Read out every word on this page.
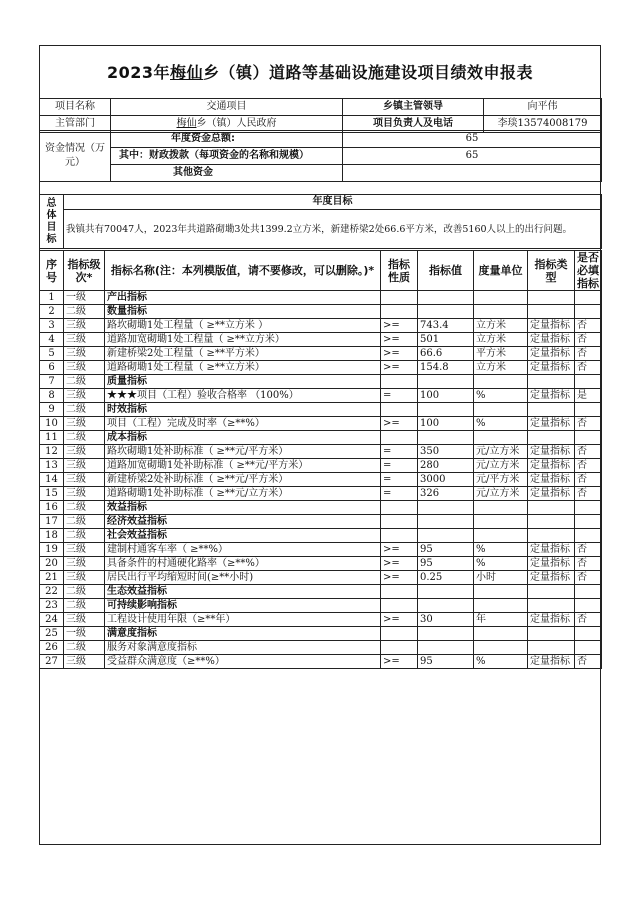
2023年梅仙乡（镇）道路等基础设施建设项目绩效申报表
项目名称	交通项目	乡镇主管领导	向平伟
主管部门	梅仙乡（镇）人民政府	项目负责人及电话	李琰13574008179
资金情况（万元）	年度资金总额:	65
	其中：财政拨款（每项资金的名称和规模）	65
	其他资金	
总体目标	年度目标
我镇共有70047人，2023年共道路砌墈3处共1399.2立方米，新建桥梁2处66.6平方米，改善5160人以上的出行问题。
序号	指标级次*	指标名称(注：本列模版值，请不要修改，可以删除。)*	指标性质	指标值	度量单位	指标类型	是否必填指标
1	一级	产出指标					
2	二级	数量指标					
3	三级	路坎砌墈1处工程量（ ≥**立方米 ）	>=	743.4	立方米	定量指标	否
4	三级	道路加宽砌墈1处工程量（ ≥**立方米）	>=	501	立方米	定量指标	否
5	三级	新建桥梁2处工程量（ ≥**平方米）	>=	66.6	平方米	定量指标	否
6	三级	道路砌墈1处工程量（ ≥**立方米）	>=	154.8	立方米	定量指标	否
7	二级	质量指标					
8	三级	★★★项目（工程）验收合格率 （100%）	=	100	%	定量指标	是
9	二级	时效指标					
10	三级	项目（工程）完成及时率（≥**%）	>=	100	%	定量指标	否
11	二级	成本指标					
12	三级	路坎砌墈1处补助标准（ ≥**元/平方米）	=	350	元/立方米	定量指标	否
13	三级	道路加宽砌墈1处补助标准（ ≥**元/平方米）	=	280	元/立方米	定量指标	否
14	三级	新建桥梁2处补助标准（ ≥**元/平方米）	=	3000	元/平方米	定量指标	否
15	三级	道路砌墈1处补助标准（ ≥**元/立方米）	=	326	元/立方米	定量指标	否
16	二级	效益指标					
17	二级	经济效益指标					
18	二级	社会效益指标					
19	三级	建制村通客车率（ ≥**%）	>=	95	%	定量指标	否
20	三级	具备条件的村通硬化路率（≥**%）	>=	95	%	定量指标	否
21	三级	居民出行平均缩短时间(≥**小时)	>=	0.25	小时	定量指标	否
22	二级	生态效益指标					
23	二级	可持续影响指标					
24	三级	工程设计使用年限（≥**年）	>=	30	年	定量指标	否
25	一级	满意度指标					
26	二级	服务对象满意度指标					
27	三级	受益群众满意度（≥**%）	>=	95	%	定量指标	否
